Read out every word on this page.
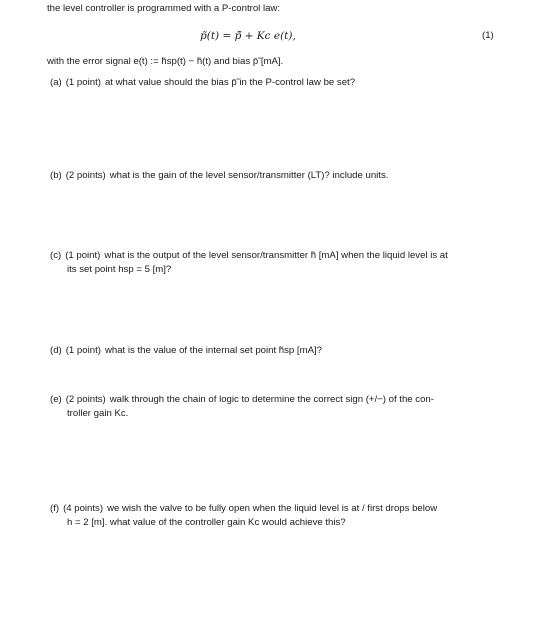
the level controller is programmed with a P-control law:
p̃(t) = p̄̃ + Kc e(t),	(1)
with the error signal e(t) := h̃sp(t) − h̃(t) and bias p̄̃ [mA].
(a) (1 point) at what value should the bias p̄̃ in the P-control law be set?
(b) (2 points) what is the gain of the level sensor/transmitter (LT)? include units.
(c) (1 point) what is the output of the level sensor/transmitter h̃ [mA] when the liquid level is at
its set point hsp = 5 [m]?
(d) (1 point) what is the value of the internal set point h̃sp [mA]?
(e) (2 points) walk through the chain of logic to determine the correct sign (+/−) of the con-
troller gain Kc.
(f) (4 points) we wish the valve to be fully open when the liquid level is at / first drops below
h = 2 [m]. what value of the controller gain Kc would achieve this?
